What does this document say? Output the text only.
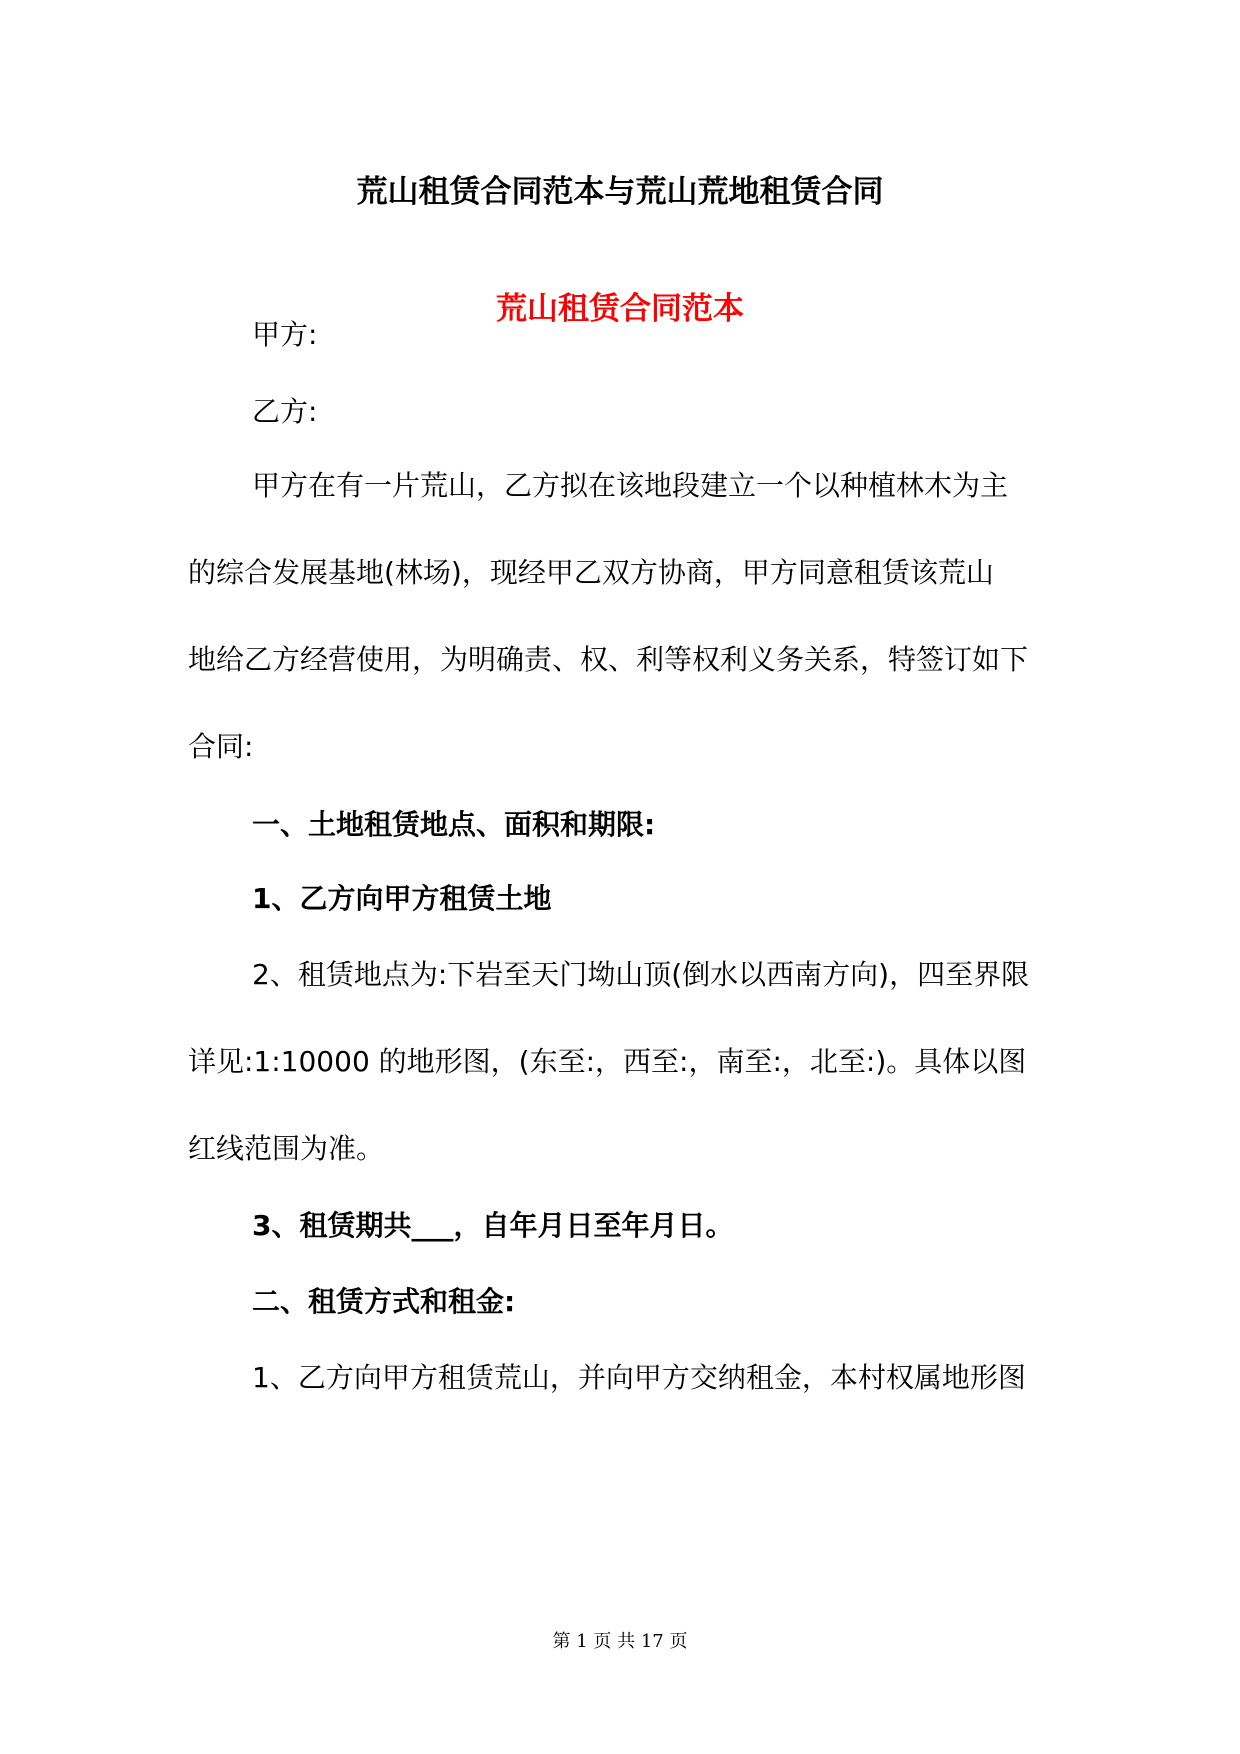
荒山租赁合同范本与荒山荒地租赁合同
荒山租赁合同范本
甲方:
乙方:
甲方在有一片荒山，乙方拟在该地段建立一个以种植林木为主
的综合发展基地(林场)，现经甲乙双方协商，甲方同意租赁该荒山
地给乙方经营使用，为明确责、权、利等权利义务关系，特签订如下
合同:
一、土地租赁地点、面积和期限:
1、乙方向甲方租赁土地
2、租赁地点为:下岩至天门坳山顶(倒水以西南方向)，四至界限
详见:1:10000 的地形图，(东至:，西至:，南至:，北至:)。具体以图
红线范围为准。
3、租赁期共___，自年月日至年月日。
二、租赁方式和租金:
1、乙方向甲方租赁荒山，并向甲方交纳租金，本村权属地形图
第 1 页 共 17 页
